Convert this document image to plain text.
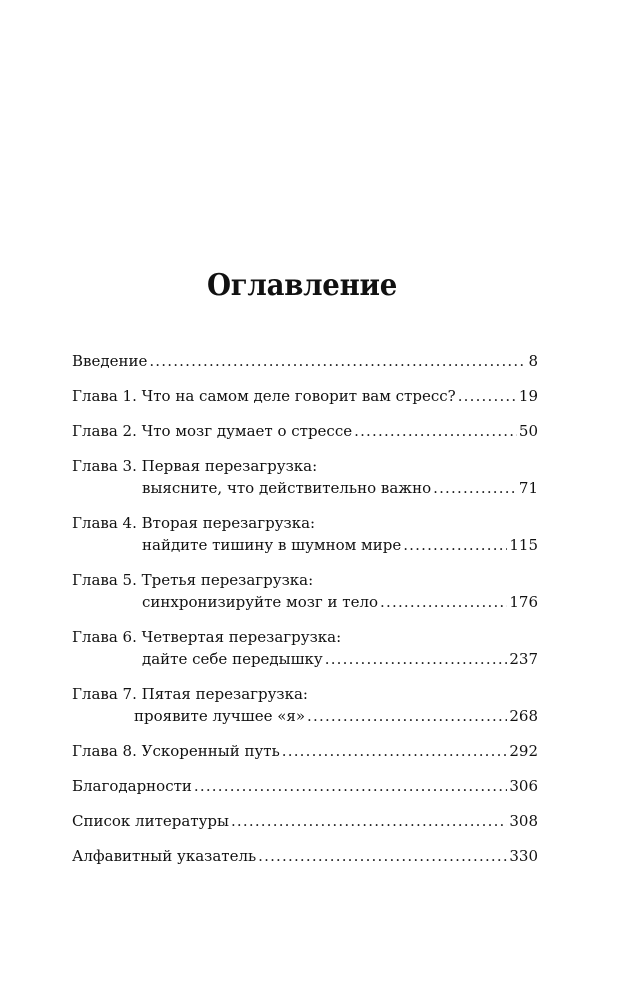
Оглавление
Введение .....	8
Глава 1. Что на самом деле говорит вам стресс? .....	19
Глава 2. Что мозг думает о стрессе .....	50
Глава 3. Первая перезагрузка:
выясните, что действительно важно .....	71
Глава 4. Вторая перезагрузка:
найдите тишину в шумном мире .....	115
Глава 5. Третья перезагрузка:
синхронизируйте мозг и тело .....	176
Глава 6. Четвертая перезагрузка:
дайте себе передышку .....	237
Глава 7. Пятая перезагрузка:
проявите лучшее «я» .....	268
Глава 8. Ускоренный путь .....	292
Благодарности .....	306
Список литературы .....	308
Алфавитный указатель .....	330
